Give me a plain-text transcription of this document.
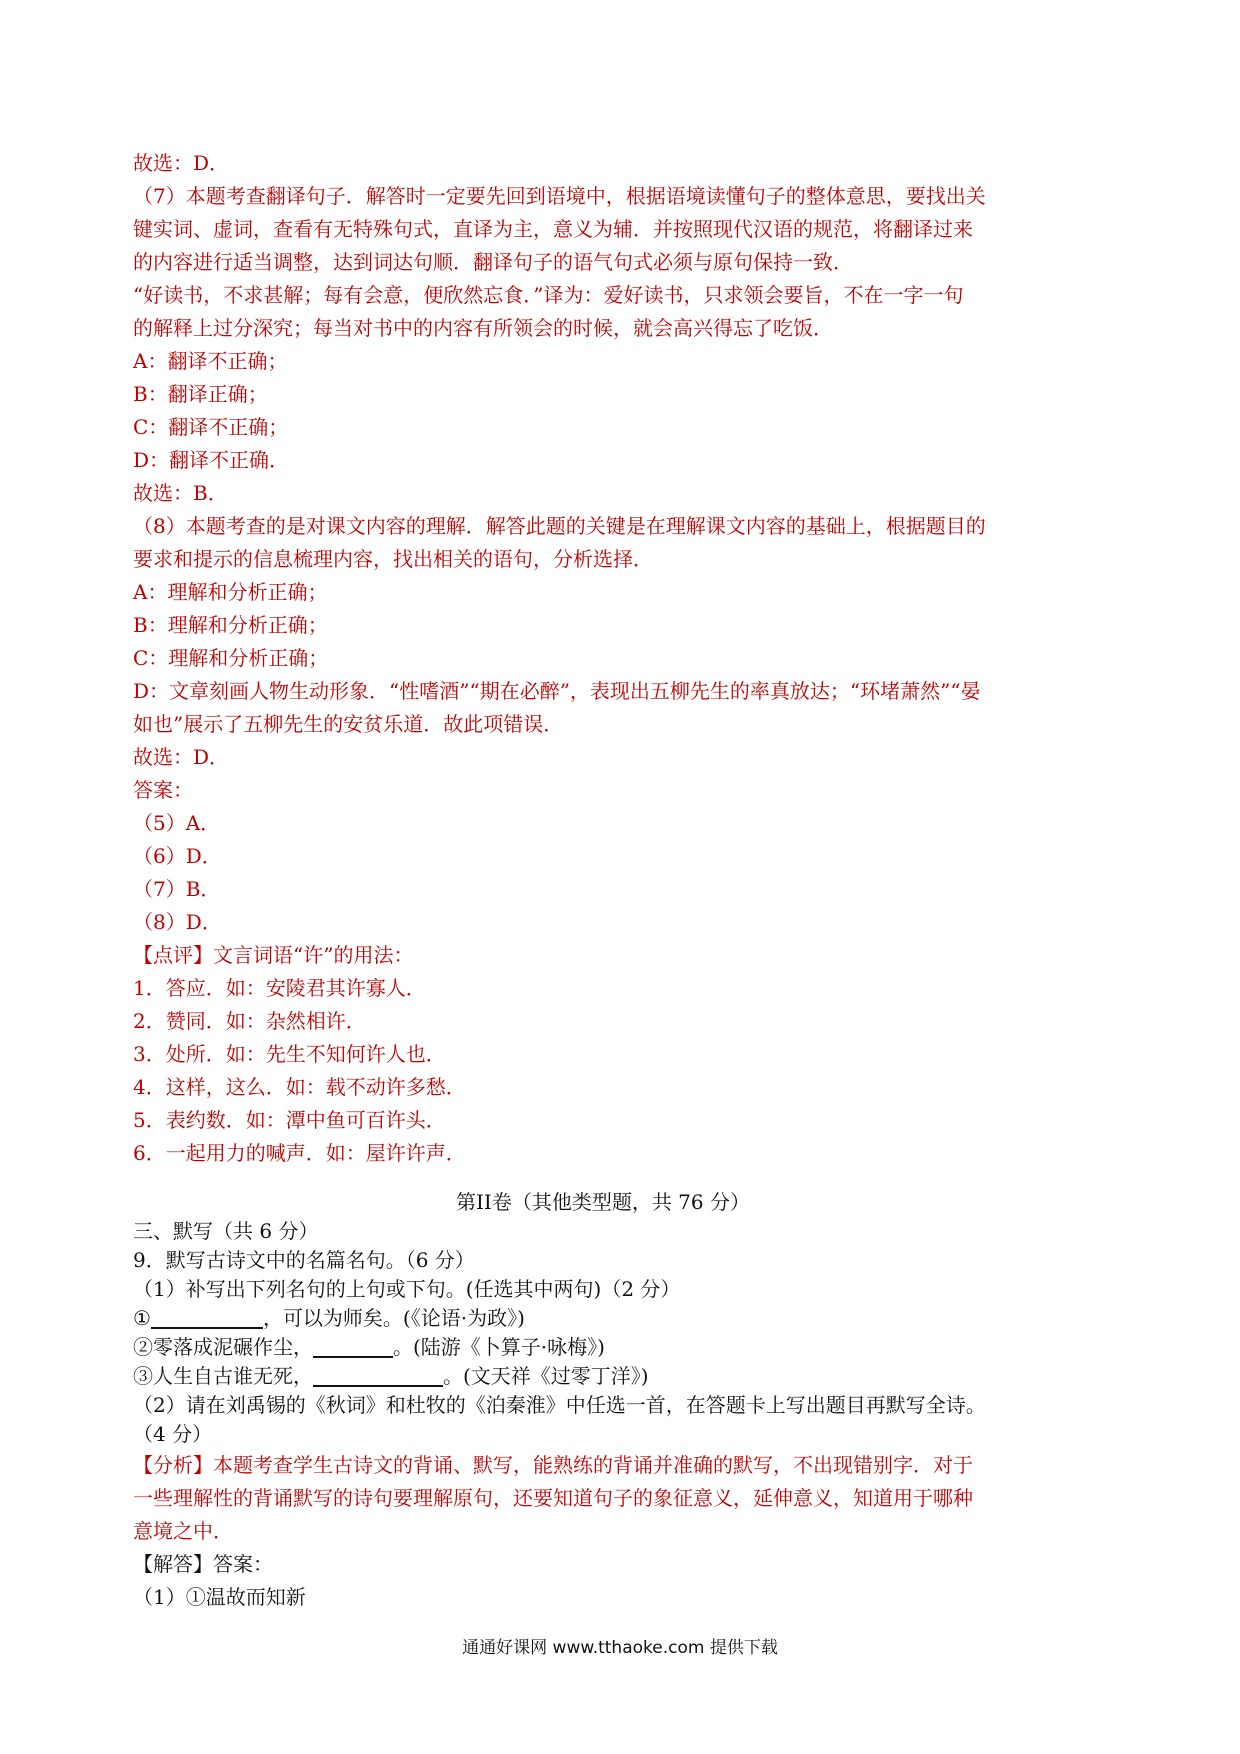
故选：D．
（7）本题考查翻译句子．解答时一定要先回到语境中，根据语境读懂句子的整体意思，要找出关
键实词、虚词，查看有无特殊句式，直译为主，意义为辅．并按照现代汉语的规范，将翻译过来
的内容进行适当调整，达到词达句顺．翻译句子的语气句式必须与原句保持一致．
“好读书，不求甚解；每有会意，便欣然忘食．”译为：爱好读书，只求领会要旨，不在一字一句
的解释上过分深究；每当对书中的内容有所领会的时候，就会高兴得忘了吃饭．
A：翻译不正确；
B：翻译正确；
C：翻译不正确；
D：翻译不正确．
故选：B．
（8）本题考查的是对课文内容的理解．解答此题的关键是在理解课文内容的基础上，根据题目的
要求和提示的信息梳理内容，找出相关的语句，分析选择．
A：理解和分析正确；
B：理解和分析正确；
C：理解和分析正确；
D：文章刻画人物生动形象．“性嗜酒”“期在必醉”，表现出五柳先生的率真放达；“环堵萧然”“晏
如也”展示了五柳先生的安贫乐道．故此项错误．
故选：D．
答案：
（5）A．
（6）D．
（7）B．
（8）D．
【点评】文言词语“许”的用法：
1．答应．如：安陵君其许寡人．
2．赞同．如：杂然相许．
3．处所．如：先生不知何许人也．
4．这样，这么．如：载不动许多愁．
5．表约数．如：潭中鱼可百许头．
6．一起用力的喊声．如：屋许许声．
第II卷（其他类型题，共 76 分）
三、默写（共 6 分）
9．默写古诗文中的名篇名句。（6 分）
（1）补写出下列名句的上句或下句。(任选其中两句)（2 分）
①	，可以为师矣。(《论语·为政》)
②零落成泥碾作尘，	。(陆游《卜算子·咏梅》)
③人生自古谁无死，	。(文天祥《过零丁洋》)
（2）请在刘禹锡的《秋词》和杜牧的《泊秦淮》中任选一首，在答题卡上写出题目再默写全诗。
（4 分）
【分析】本题考查学生古诗文的背诵、默写，能熟练的背诵并准确的默写，不出现错别字．对于
一些理解性的背诵默写的诗句要理解原句，还要知道句子的象征意义，延伸意义，知道用于哪种
意境之中．
【解答】答案：
（1）①温故而知新
通通好课网 www.tthaoke.com 提供下载
